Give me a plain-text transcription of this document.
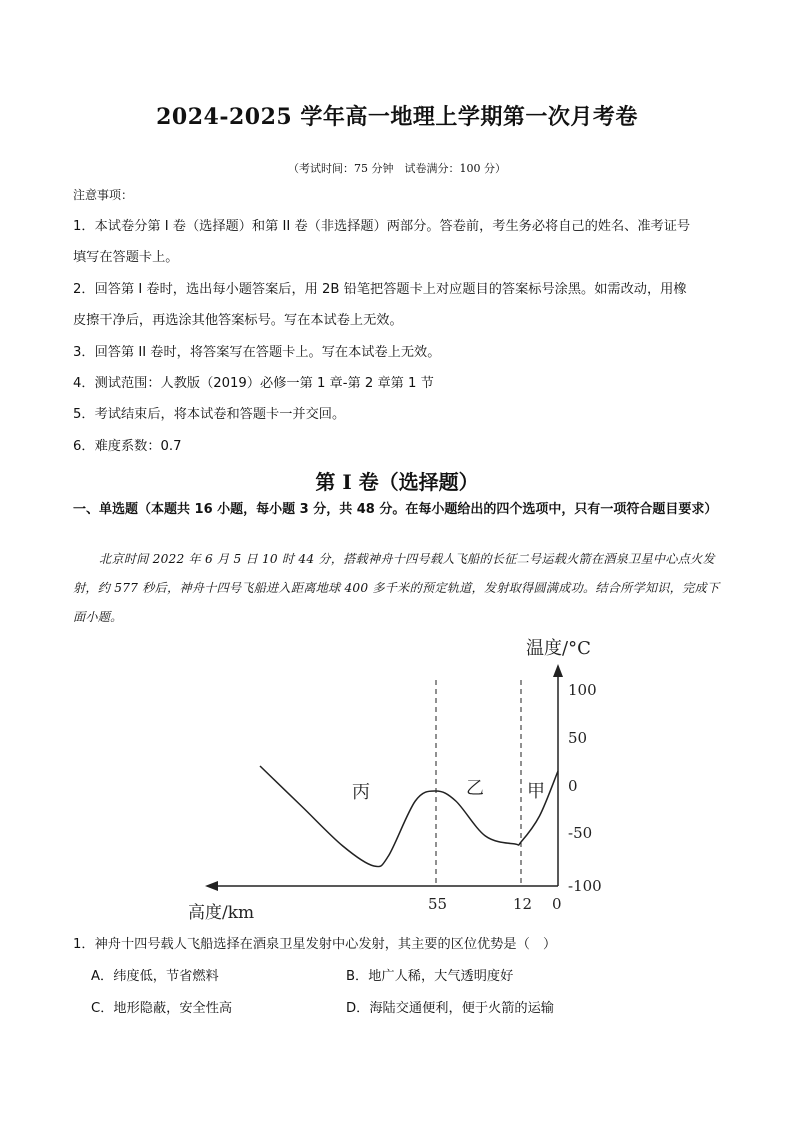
2024-2025 学年高一地理上学期第一次月考卷
（考试时间：75 分钟　试卷满分：100 分）
注意事项：
1．本试卷分第 I 卷（选择题）和第 II 卷（非选择题）两部分。答卷前，考生务必将自己的姓名、准考证号
填写在答题卡上。
2．回答第 I 卷时，选出每小题答案后，用 2B 铅笔把答题卡上对应题目的答案标号涂黑。如需改动，用橡
皮擦干净后，再选涂其他答案标号。写在本试卷上无效。
3．回答第 II 卷时，将答案写在答题卡上。写在本试卷上无效。
4．测试范围：人教版（2019）必修一第 1 章-第 2 章第 1 节
5．考试结束后，将本试卷和答题卡一并交回。
6．难度系数：0.7
第 I 卷（选择题）
一、单选题（本题共 16 小题，每小题 3 分，共 48 分。在每小题给出的四个选项中，只有一项符合题目要求）
北京时间 2022 年 6 月 5 日 10 时 44 分，搭载神舟十四号载人飞船的长征二号运载火箭在酒泉卫星中心点火发射，约 577 秒后，神舟十四号飞船进入距离地球 400 多千米的预定轨道，发射取得圆满成功。结合所学知识，完成下面小题。
温度/°C
高度/km
100
50
0
-50
-100
55	12 0
丙	乙 甲
1．神舟十四号载人飞船选择在酒泉卫星发射中心发射，其主要的区位优势是（　）
A．纬度低，节省燃料	B．地广人稀，大气透明度好
C．地形隐蔽，安全性高	D．海陆交通便利，便于火箭的运输
